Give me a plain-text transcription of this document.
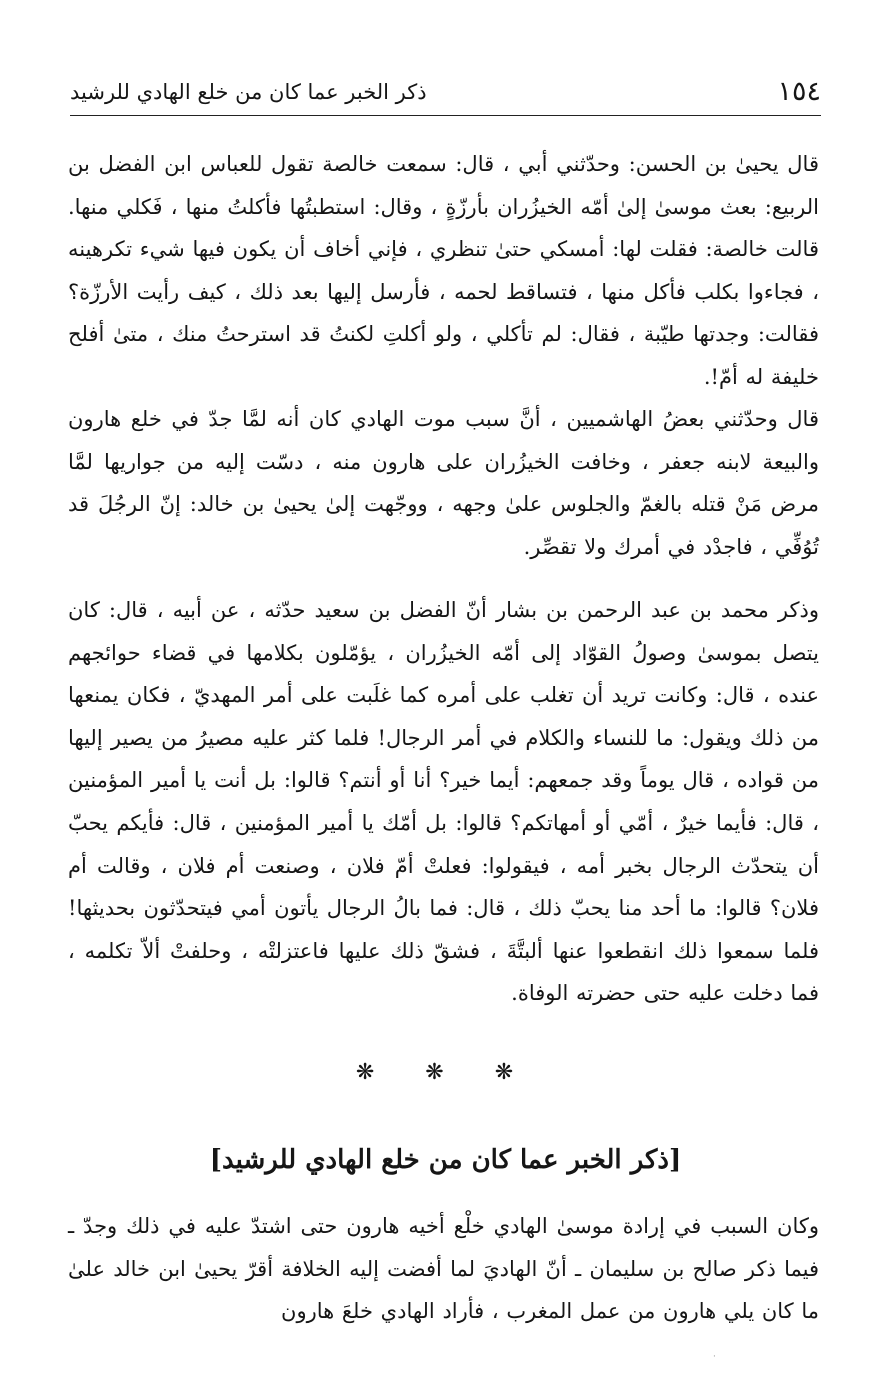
١٥٤
ذكر الخبر عما كان من خلع الهادي للرشيد

قال يحيىٰ بن الحسن: وحدّثني أبي ، قال: سمعت خالصة تقول للعباس ابن الفضل بن الربيع: بعث موسىٰ إلىٰ أمّه الخيزُران بأرزّةٍ ، وقال: استطبتُها فأكلتُ منها ، فَكلي منها. قالت خالصة: فقلت لها: أمسكي حتىٰ تنظري ، فإني أخاف أن يكون فيها شيء تكرهينه ، فجاءوا بكلب فأكل منها ، فتساقط لحمه ، فأرسل إليها بعد ذلك ، كيف رأيت الأرزّة؟ فقالت: وجدتها طيّبة ، فقال: لم تأكلي ، ولو أكلتِ لكنتُ قد استرحتُ منك ، متىٰ أفلح خليفة له أمّ!.

قال وحدّثني بعضُ الهاشميين ، أنَّ سبب موت الهادي كان أنه لمَّا جدّ في خلع هارون والبيعة لابنه جعفر ، وخافت الخيزُران على هارون منه ، دسّت إليه من جواريها لمَّا مرض مَنْ قتله بالغمّ والجلوس علىٰ وجهه ، ووجّهت إلىٰ يحيىٰ بن خالد: إنّ الرجُلَ قد تُوُفِّي ، فاجدْد في أمرك ولا تقصِّر.

وذكر محمد بن عبد الرحمن بن بشار أنّ الفضل بن سعيد حدّثه ، عن أبيه ، قال: كان يتصل بموسىٰ وصولُ القوّاد إلى أمّه الخيزُران ، يؤمّلون بكلامها في قضاء حوائجهم عنده ، قال: وكانت تريد أن تغلب على أمره كما غلَبت على أمر المهديّ ، فكان يمنعها من ذلك ويقول: ما للنساء والكلام في أمر الرجال! فلما كثر عليه مصيرُ من يصير إليها من قواده ، قال يوماً وقد جمعهم: أيما خير؟ أنا أو أنتم؟ قالوا: بل أنت يا أمير المؤمنين ، قال: فأيما خيرٌ ، أمّي أو أمهاتكم؟ قالوا: بل أمّك يا أمير المؤمنين ، قال: فأيكم يحبّ أن يتحدّث الرجال بخبر أمه ، فيقولوا: فعلتْ أمّ فلان ، وصنعت أم فلان ، وقالت أم فلان؟ قالوا: ما أحد منا يحبّ ذلك ، قال: فما بالُ الرجال يأتون أمي فيتحدّثون بحديثها! فلما سمعوا ذلك انقطعوا عنها ألبتَّةَ ، فشقّ ذلك عليها فاعتزلتْه ، وحلفتْ ألاّ تكلمه ، فما دخلت عليه حتى حضرته الوفاة.

❋ ❋ ❋
[ذكر الخبر عما كان من خلع الهادي للرشيد]

وكان السبب في إرادة موسىٰ الهادي خلْع أخيه هارون حتى اشتدّ عليه في ذلك وجدّ ـ فيما ذكر صالح بن سليمان ـ أنّ الهاديَ لما أفضت إليه الخلافة أقرّ يحيىٰ ابن خالد علىٰ ما كان يلي هارون من عمل المغرب ، فأراد الهادي خلعَ هارون

·
